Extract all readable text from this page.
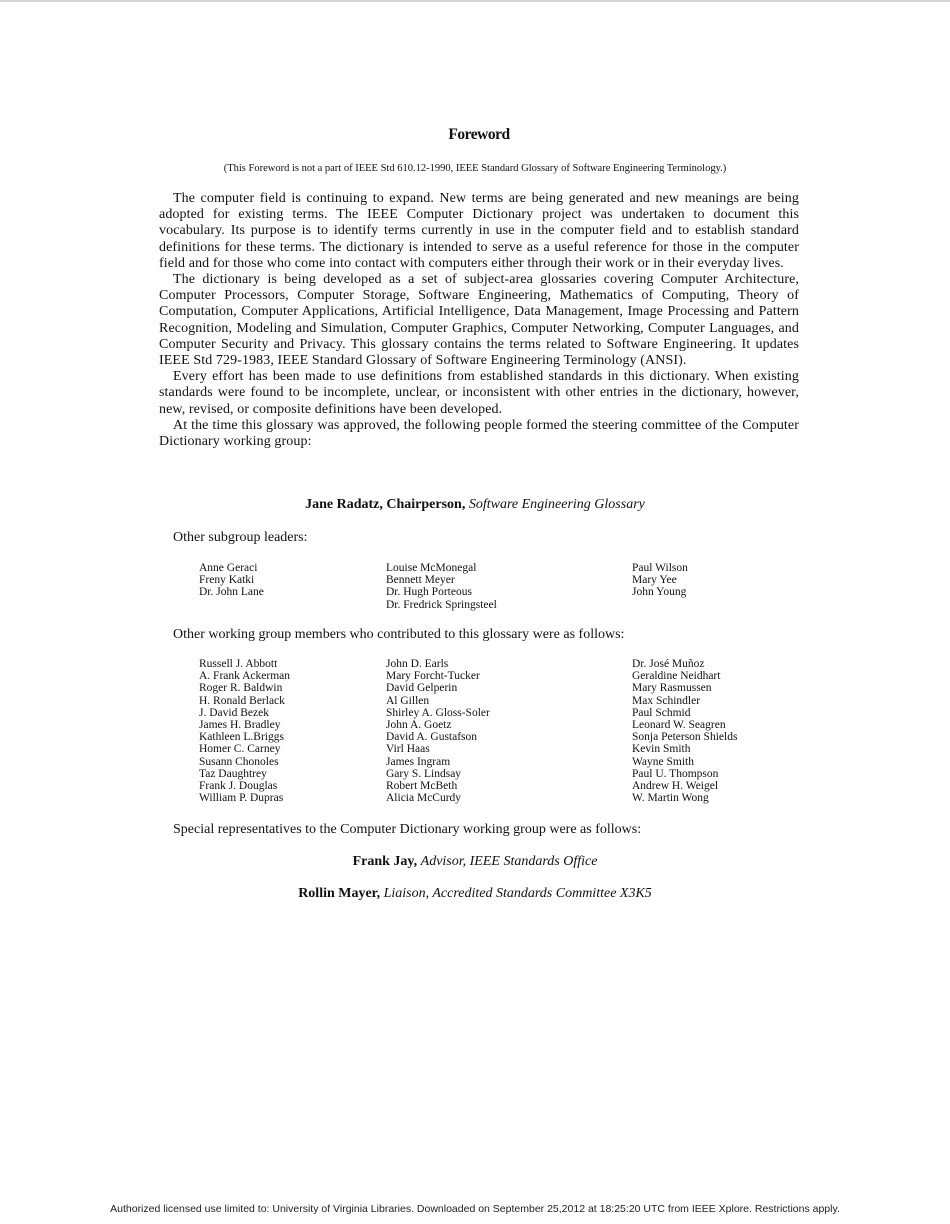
Foreword
(This Foreword is not a part of IEEE Std 610.12-1990, IEEE Standard Glossary of Software Engineering Terminology.)

The computer field is continuing to expand. New terms are being generated and new meanings are being adopted for existing terms. The IEEE Computer Dictionary project was undertaken to document this vocabulary. Its purpose is to identify terms currently in use in the computer field and to establish standard definitions for these terms. The dictionary is intended to serve as a useful reference for those in the computer field and for those who come into contact with computers either through their work or in their everyday lives.

The dictionary is being developed as a set of subject-area glossaries covering Computer Architecture, Computer Processors, Computer Storage, Software Engineering, Mathematics of Computing, Theory of Computation, Computer Applications, Artificial Intelligence, Data Management, Image Processing and Pattern Recognition, Modeling and Simulation, Computer Graphics, Computer Networking, Computer Languages, and Computer Security and Privacy. This glossary contains the terms related to Software Engineering. It updates IEEE Std 729-1983, IEEE Standard Glossary of Software Engineering Terminology (ANSI).

Every effort has been made to use definitions from established standards in this dictionary. When existing standards were found to be incomplete, unclear, or inconsistent with other entries in the dictionary, however, new, revised, or composite definitions have been developed.

At the time this glossary was approved, the following people formed the steering committee of the Computer Dictionary working group:

Jane Radatz, Chairperson, Software Engineering Glossary
Other subgroup leaders:
Anne Geraci
Freny Katki
Dr. John Lane
Louise McMonegal
Bennett Meyer
Dr. Hugh Porteous
Dr. Fredrick Springsteel
Paul Wilson
Mary Yee
John Young
Other working group members who contributed to this glossary were as follows:
Russell J. Abbott
A. Frank Ackerman
Roger R. Baldwin
H. Ronald Berlack
J. David Bezek
James H. Bradley
Kathleen L.Briggs
Homer C. Carney
Susann Chonoles
Taz Daughtrey
Frank J. Douglas
William P. Dupras
John D. Earls
Mary Forcht-Tucker
David Gelperin
Al Gillen
Shirley A. Gloss-Soler
John A. Goetz
David A. Gustafson
Virl Haas
James Ingram
Gary S. Lindsay
Robert McBeth
Alicia McCurdy
Dr. José Muñoz
Geraldine Neidhart
Mary Rasmussen
Max Schindler
Paul Schmid
Leonard W. Seagren
Sonja Peterson Shields
Kevin Smith
Wayne Smith
Paul U. Thompson
Andrew H. Weigel
W. Martin Wong
Special representatives to the Computer Dictionary working group were as follows:
Frank Jay, Advisor, IEEE Standards Office
Rollin Mayer, Liaison, Accredited Standards Committee X3K5
Authorized licensed use limited to: University of Virginia Libraries. Downloaded on September 25,2012 at 18:25:20 UTC from IEEE Xplore. Restrictions apply.
